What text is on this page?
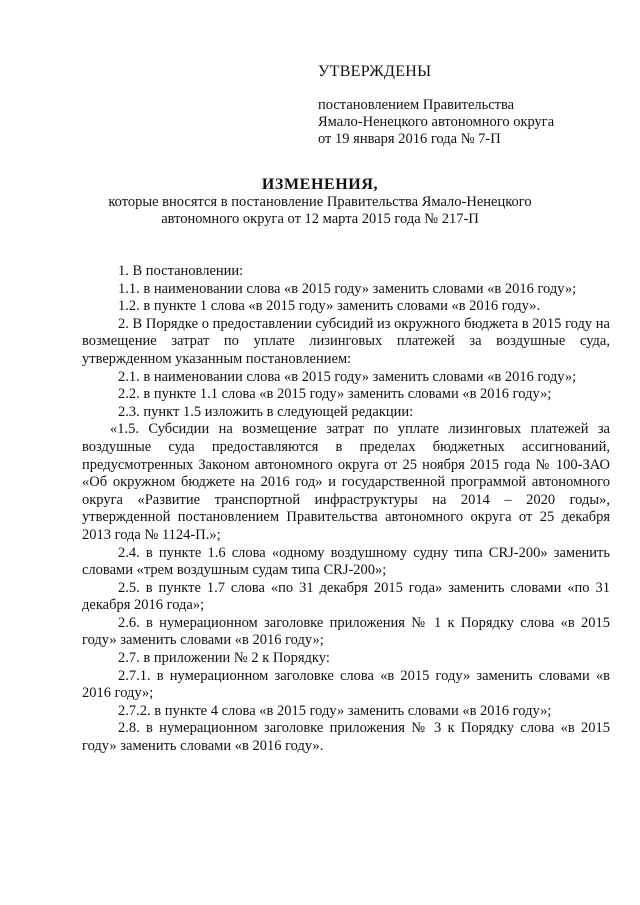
УТВЕРЖДЕНЫ
постановлением Правительства
Ямало-Ненецкого автономного округа
от 19 января 2016 года № 7-П
ИЗМЕНЕНИЯ,
которые вносятся в постановление Правительства Ямало-Ненецкого
автономного округа от 12 марта 2015 года № 217-П

1. В постановлении:

1.1. в наименовании слова «в 2015 году» заменить словами «в 2016 году»;

1.2. в пункте 1 слова «в 2015 году» заменить словами «в 2016 году».

2. В Порядке о предоставлении субсидий из окружного бюджета в 2015 году на возмещение затрат по уплате лизинговых платежей за воздушные суда, утвержденном указанным постановлением:

2.1. в наименовании слова «в 2015 году» заменить словами «в 2016 году»;

2.2. в пункте 1.1 слова «в 2015 году» заменить словами «в 2016 году»;

2.3. пункт 1.5 изложить в следующей редакции:

«1.5. Субсидии на возмещение затрат по уплате лизинговых платежей за воздушные суда предоставляются в пределах бюджетных ассигнований, предусмотренных Законом автономного округа от 25 ноября 2015 года № 100-ЗАО «Об окружном бюджете на 2016 год» и государственной программой автономного округа «Развитие транспортной инфраструктуры на 2014 – 2020 годы», утвержденной постановлением Правительства автономного округа от 25 декабря 2013 года № 1124-П.»;

2.4. в пункте 1.6 слова «одному воздушному судну типа CRJ-200» заменить словами «трем воздушным судам типа CRJ-200»;

2.5. в пункте 1.7 слова «по 31 декабря 2015 года» заменить словами «по 31 декабря 2016 года»;

2.6. в нумерационном заголовке приложения № 1 к Порядку слова «в 2015 году» заменить словами «в 2016 году»;

2.7. в приложении № 2 к Порядку:

2.7.1. в нумерационном заголовке слова «в 2015 году» заменить словами «в 2016 году»;

2.7.2. в пункте 4 слова «в 2015 году» заменить словами «в 2016 году»;

2.8. в нумерационном заголовке приложения № 3 к Порядку слова «в 2015 году» заменить словами «в 2016 году».
